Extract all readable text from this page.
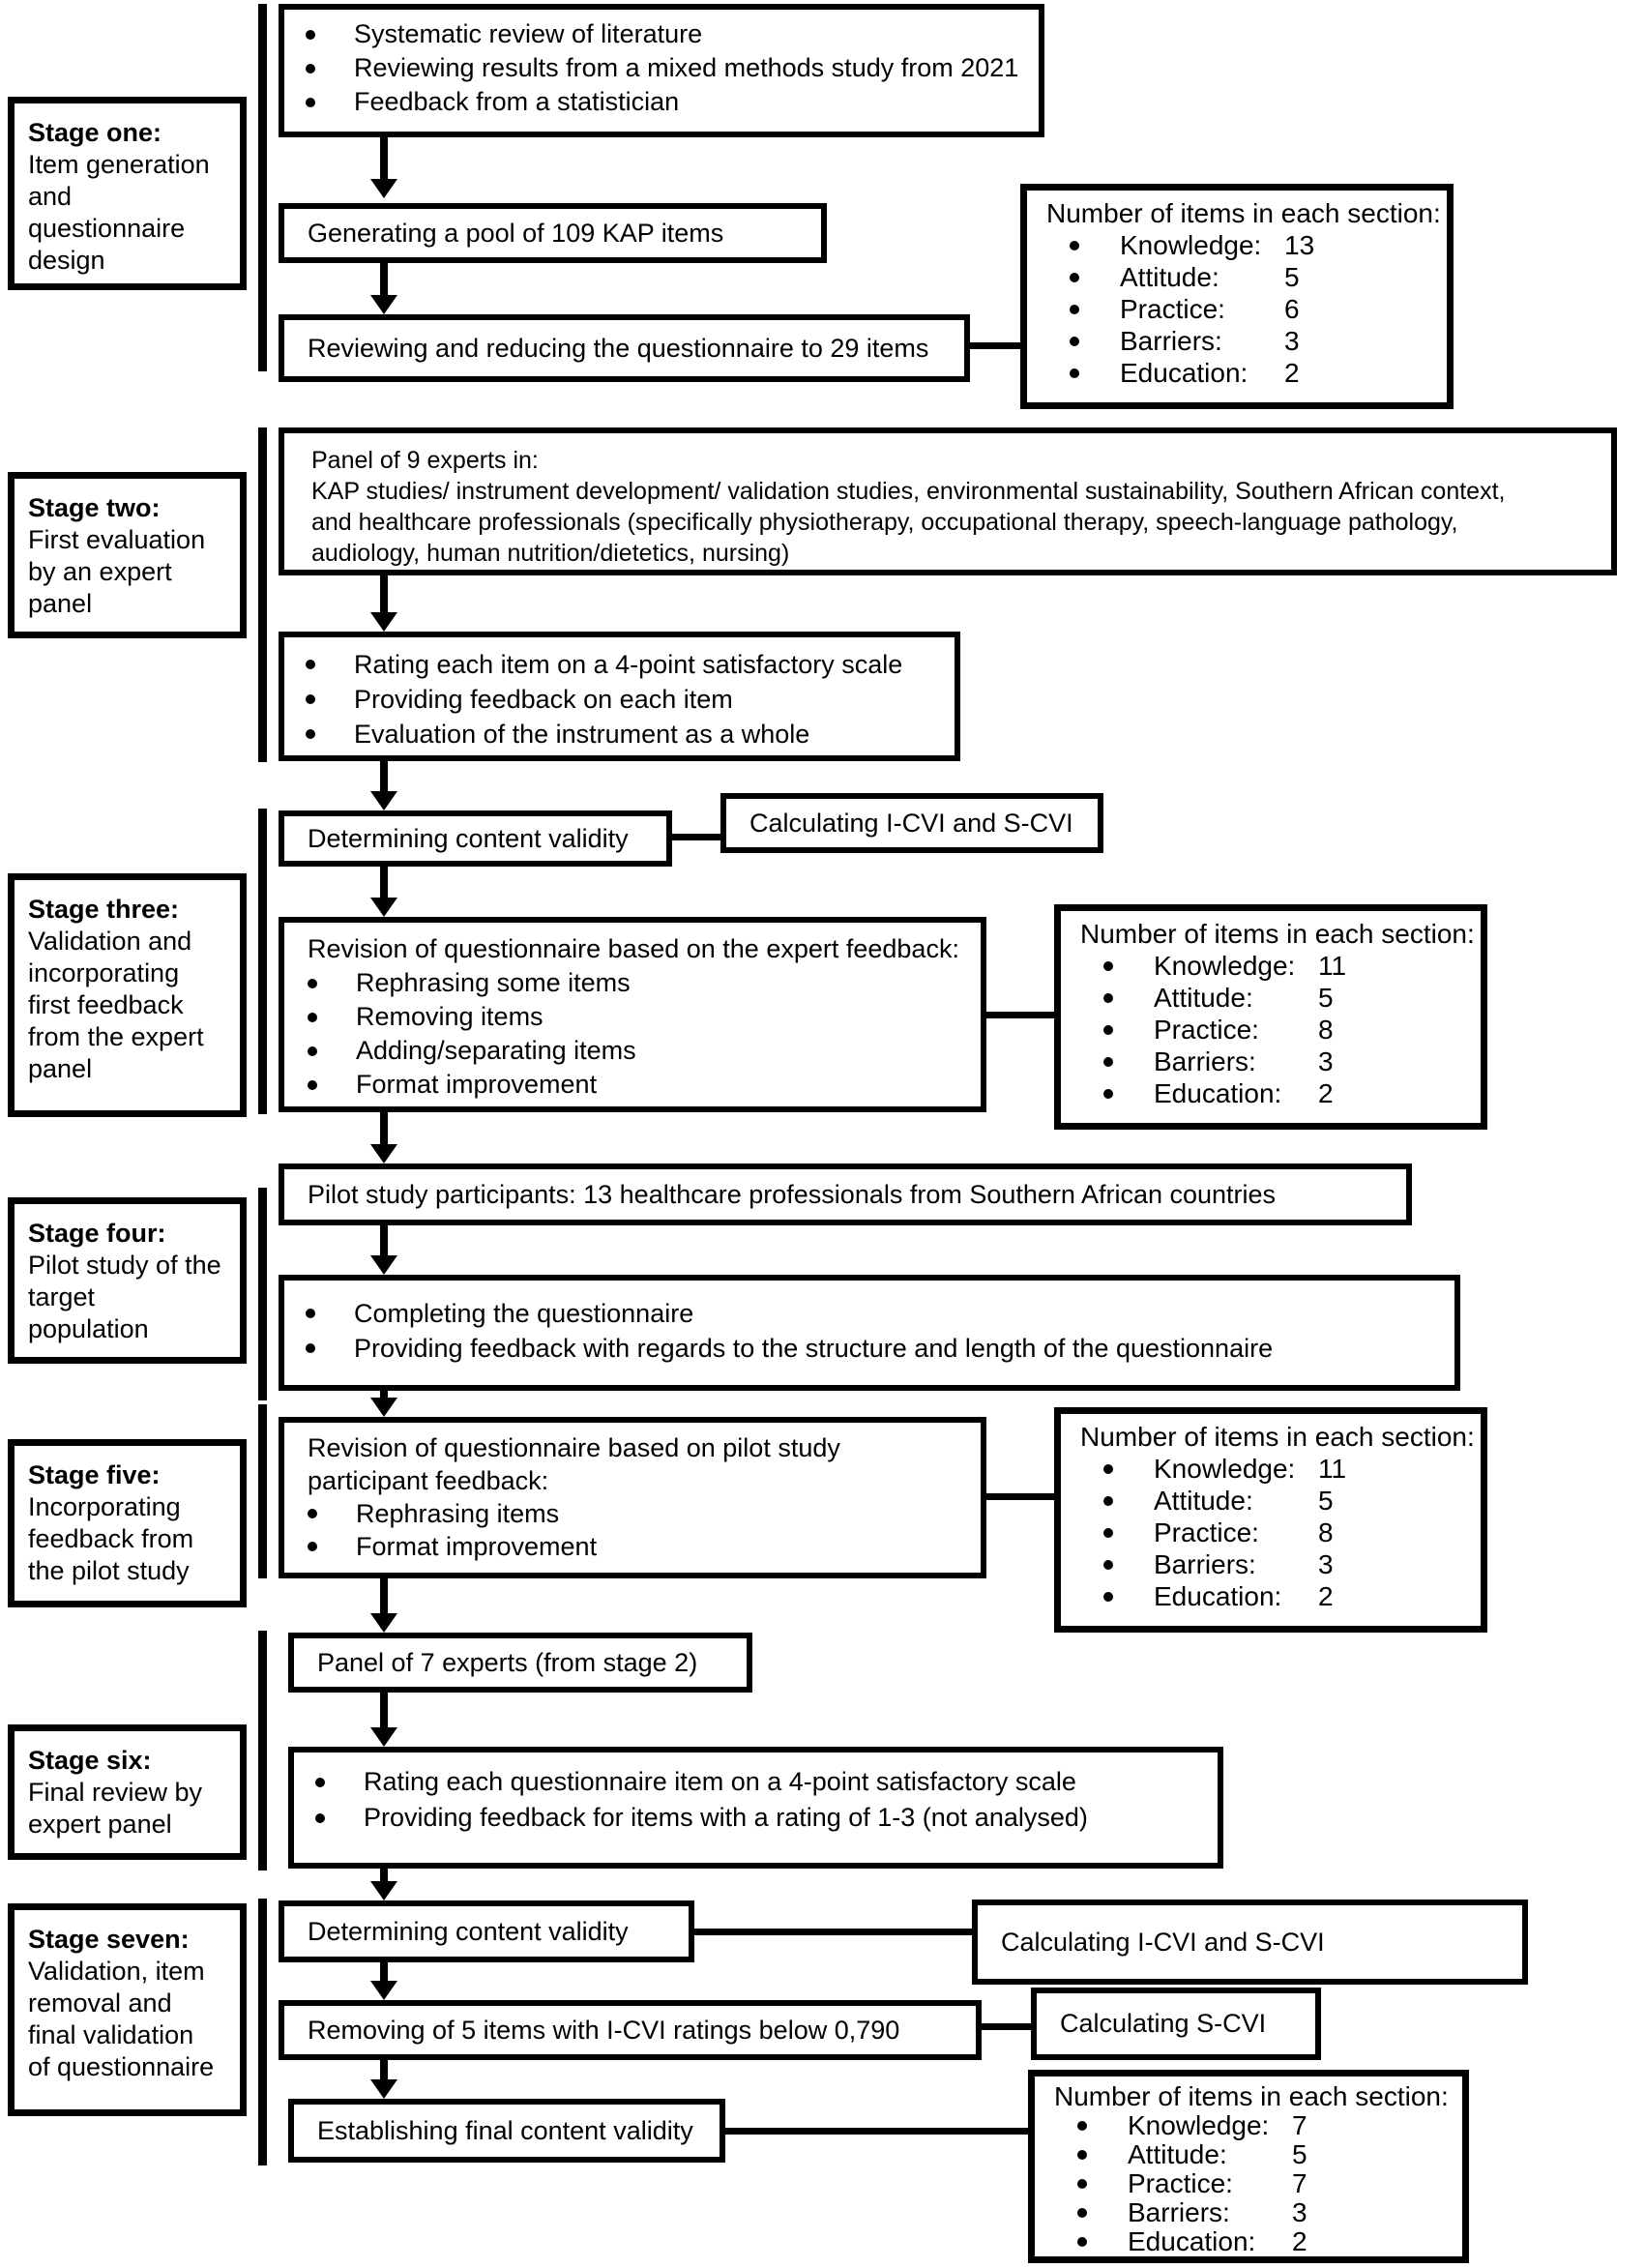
Stage one:
Item generation
and
questionnaire
design
Stage two:
First evaluation
by an expert
panel
Stage three:
Validation and
incorporating
first feedback
from the expert
panel
Stage four:
Pilot study of the
target
population
Stage five:
Incorporating
feedback from
the pilot study
Stage six:
Final review by
expert panel
Stage seven:
Validation, item
removal and
final validation
of questionnaire
Systematic review of literature
Reviewing results from a mixed methods study from 2021
Feedback from a statistician
Generating a pool of 109 KAP items
Reviewing and reducing the questionnaire to 29 items
Number of items in each section:
Knowledge: 13
Attitude:	5
Practice:	6
Barriers:	3
Education:	2
Panel of 9 experts in:
KAP studies/ instrument development/ validation studies, environmental sustainability, Southern African context,
and healthcare professionals (specifically physiotherapy, occupational therapy, speech-language pathology,
audiology, human nutrition/dietetics, nursing)
Rating each item on a 4-point satisfactory scale
Providing feedback on each item
Evaluation of the instrument as a whole
Determining content validity
Calculating I-CVI and S-CVI
Revision of questionnaire based on the expert feedback:
Rephrasing some items
Removing items
Adding/separating items
Format improvement
Number of items in each section:
Knowledge: 11
Attitude:	5
Practice:	8
Barriers:	3
Education:	2
Pilot study participants: 13 healthcare professionals from Southern African countries
Completing the questionnaire
Providing feedback with regards to the structure and length of the questionnaire
Revision of questionnaire based on pilot study
participant feedback:
Rephrasing items
Format improvement
Number of items in each section:
Knowledge: 11
Attitude:	5
Practice:	8
Barriers:	3
Education:	2
Panel of 7 experts (from stage 2)
Rating each questionnaire item on a 4-point satisfactory scale
Providing feedback for items with a rating of 1-3 (not analysed)
Determining content validity	Calculating I-CVI and S-CVI
Removing of 5 items with I-CVI ratings below 0,790	Calculating S-CVI
Establishing final content validity
Number of items in each section:
Knowledge: 7
Attitude:	5
Practice:	7
Barriers:	3
Education:	2
